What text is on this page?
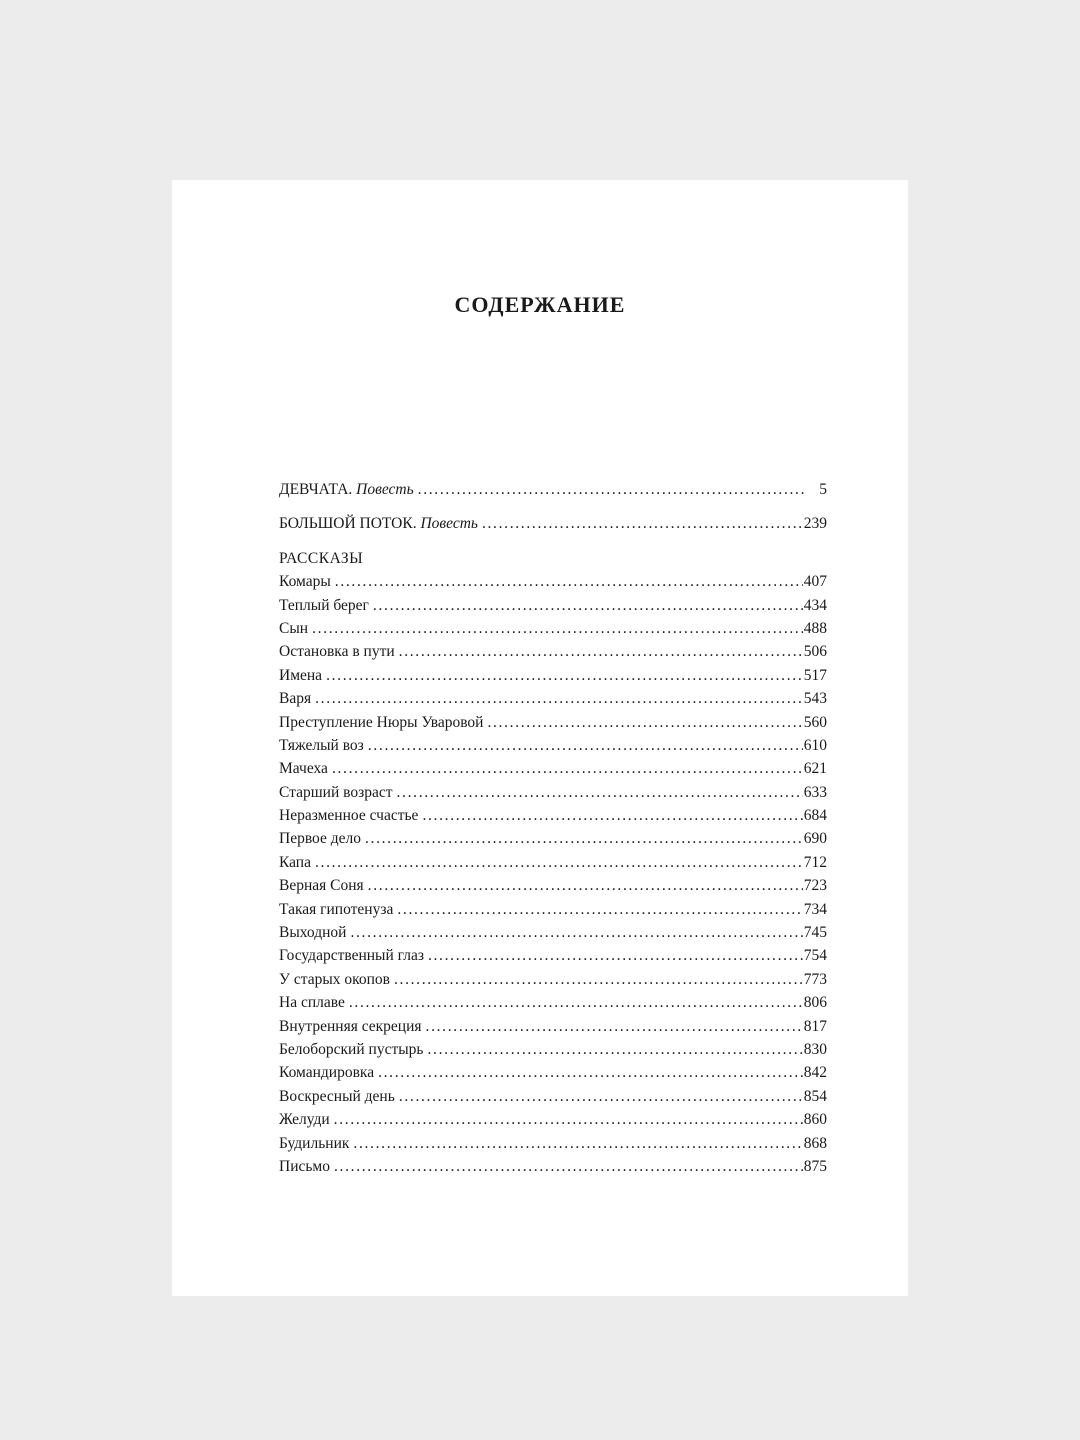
СОДЕРЖАНИЕ
ДЕВЧАТА. Повесть . . .	5
БОЛЬШОЙ ПОТОК. Повесть . . .	239
РАССКАЗЫ
Комары . . .	407
Теплый берег . . .	434
Сын . . .	488
Остановка в пути . . .	506
Имена . . .	517
Варя . . .	543
Преступление Нюры Уваровой . . .	560
Тяжелый воз . . .	610
Мачеха . . .	621
Старший возраст . . .	633
Неразменное счастье . . .	684
Первое дело . . .	690
Капа . . .	712
Верная Соня . . .	723
Такая гипотенуза . . .	734
Выходной . . .	745
Государственный глаз . . .	754
У старых окопов . . .	773
На сплаве . . .	806
Внутренняя секреция . . .	817
Белоборский пустырь . . .	830
Командировка . . .	842
Воскресный день . . .	854
Желуди . . .	860
Будильник . . .	868
Письмо . . .	875
